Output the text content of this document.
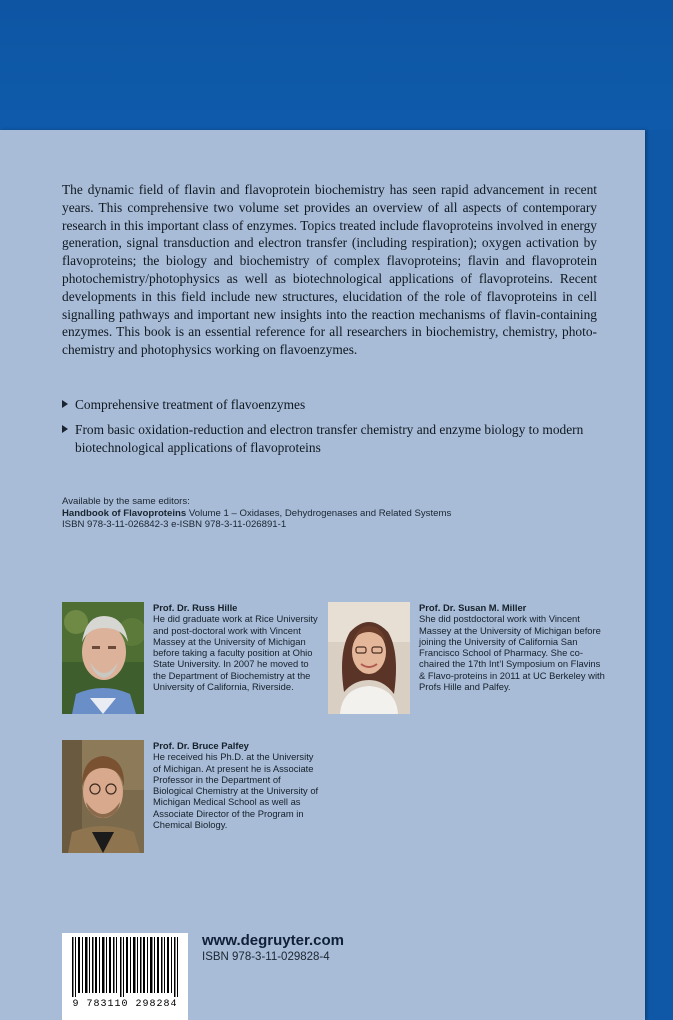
The dynamic field of flavin and flavoprotein biochemistry has seen rapid advancement in recent years. This comprehensive two volume set provides an overview of all aspects of contemporary research in this important class of enzymes. Topics treated include flavoproteins involved in energy generation, signal transduction and electron transfer (including respiration); oxygen activation by flavoproteins; the biology and biochemistry of complex flavoproteins; flavin and flavoprotein photochemistry/photophysics as well as biotechnological applications of flavoproteins. Recent developments in this field include new structures, elucidation of the role of flavoproteins in cell signalling pathways and important new insights into the reaction mechanisms of flavin-containing enzymes. This book is an essential reference for all researchers in biochemistry, chemistry, photo-chemistry and photophysics working on flavoenzymes.

Comprehensive treatment of flavoenzymes
From basic oxidation-reduction and electron transfer chemistry and enzyme biology to modern biotechnological applications of flavoproteins
Available by the same editors:
Handbook of Flavoproteins Volume 1 – Oxidases, Dehydrogenases and Related Systems
ISBN 978-3-11-026842-3 e-ISBN 978-3-11-026891-1
Prof. Dr. Russ Hille
He did graduate work at Rice University and post-doctoral work with Vincent Massey at the University of Michigan before taking a faculty position at Ohio State University. In 2007 he moved to the Department of Biochemistry at the University of California, Riverside.
Prof. Dr. Susan M. Miller
She did postdoctoral work with Vincent Massey at the University of Michigan before joining the University of California San Francisco School of Pharmacy. She co-chaired the 17th Int’l Symposium on Flavins & Flavo-proteins in 2011 at UC Berkeley with Profs Hille and Palfey.
Prof. Dr. Bruce Palfey
He received his Ph.D. at the University of Michigan. At present he is Associate Professor in the Department of Biological Chemistry at the University of Michigan Medical School as well as Associate Director of the Program in Chemical Biology.
9 783110 298284
www.degruyter.com
ISBN 978-3-11-029828-4
